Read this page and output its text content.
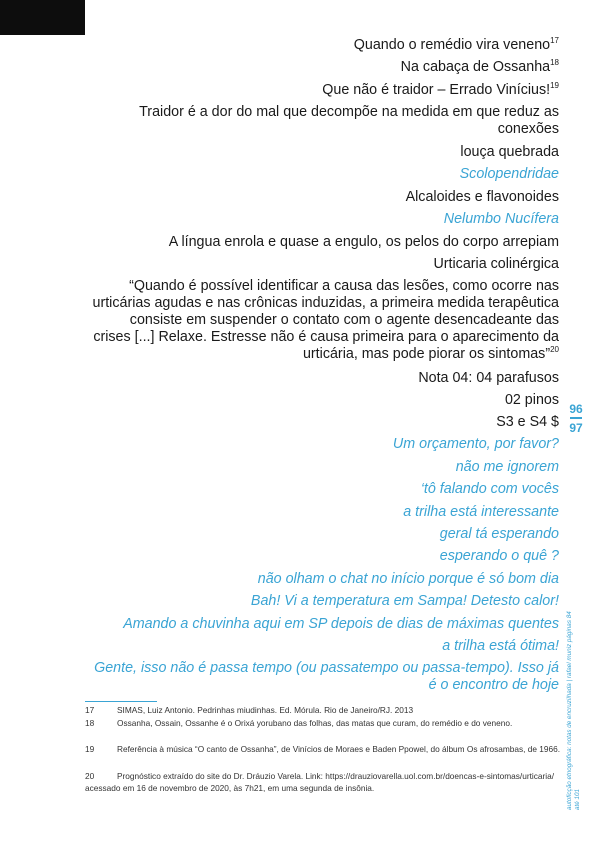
Quando o remédio vira veneno$^{17}$
Na cabaça de Ossanha$^{18}$
Que não é traidor – Errado Vinícius!$^{19}$
Traidor é a dor do mal que decompõe na medida em que reduz as conexões
louça quebrada
Scolopendridae
Alcaloides e flavonoides
Nelumbo Nucífera
A língua enrola e quase a engulo, os pelos do corpo arrepiam
Urticaria colinérgica
“Quando é possível identificar a causa das lesões, como ocorre nas urticárias agudas e nas crônicas induzidas, a primeira medida terapêutica consiste em suspender o contato com o agente desencadeante das crises [...] Relaxe. Estresse não é causa primeira para o aparecimento da urticária, mas pode piorar os sintomas”$^{20}$
Nota 04: 04 parafusos
02 pinos
S3 e S4 $
Um orçamento, por favor?
não me ignorem
‘tô falando com vocês
a trilha está interessante
geral tá esperando
esperando o quê ?
não olham o chat no início porque é só bom dia
Bah! Vi a temperatura em Sampa! Detesto calor!
Amando a chuvinha aqui em SP depois de dias de máximas quentes
a trilha está ótima!
Gente, isso não é passa tempo (ou passatempo ou passa-tempo). Isso já é o encontro de hoje
96
97
autoficção etnográfica: notas de encruzilhada | rafael muniz páginas 84 até 101
17	SIMAS, Luiz Antonio. Pedrinhas miudinhas. Ed. Mórula. Rio de Janeiro/RJ. 2013
18	Ossanha, Ossain, Ossanhe é o Orixá yorubano das folhas, das matas que curam, do remédio e do veneno.
19	Referência à música “O canto de Ossanha”, de Vinícios de Moraes e Baden Ppowel, do álbum Os afrosambas, de 1966.
20	Prognóstico extraído do site do Dr. Dráuzio Varela. Link: https://drauziovarella.uol.com.br/doencas-e-sintomas/urticaria/ acessado em 16 de novembro de 2020, às 7h21, em uma segunda de insônia.
